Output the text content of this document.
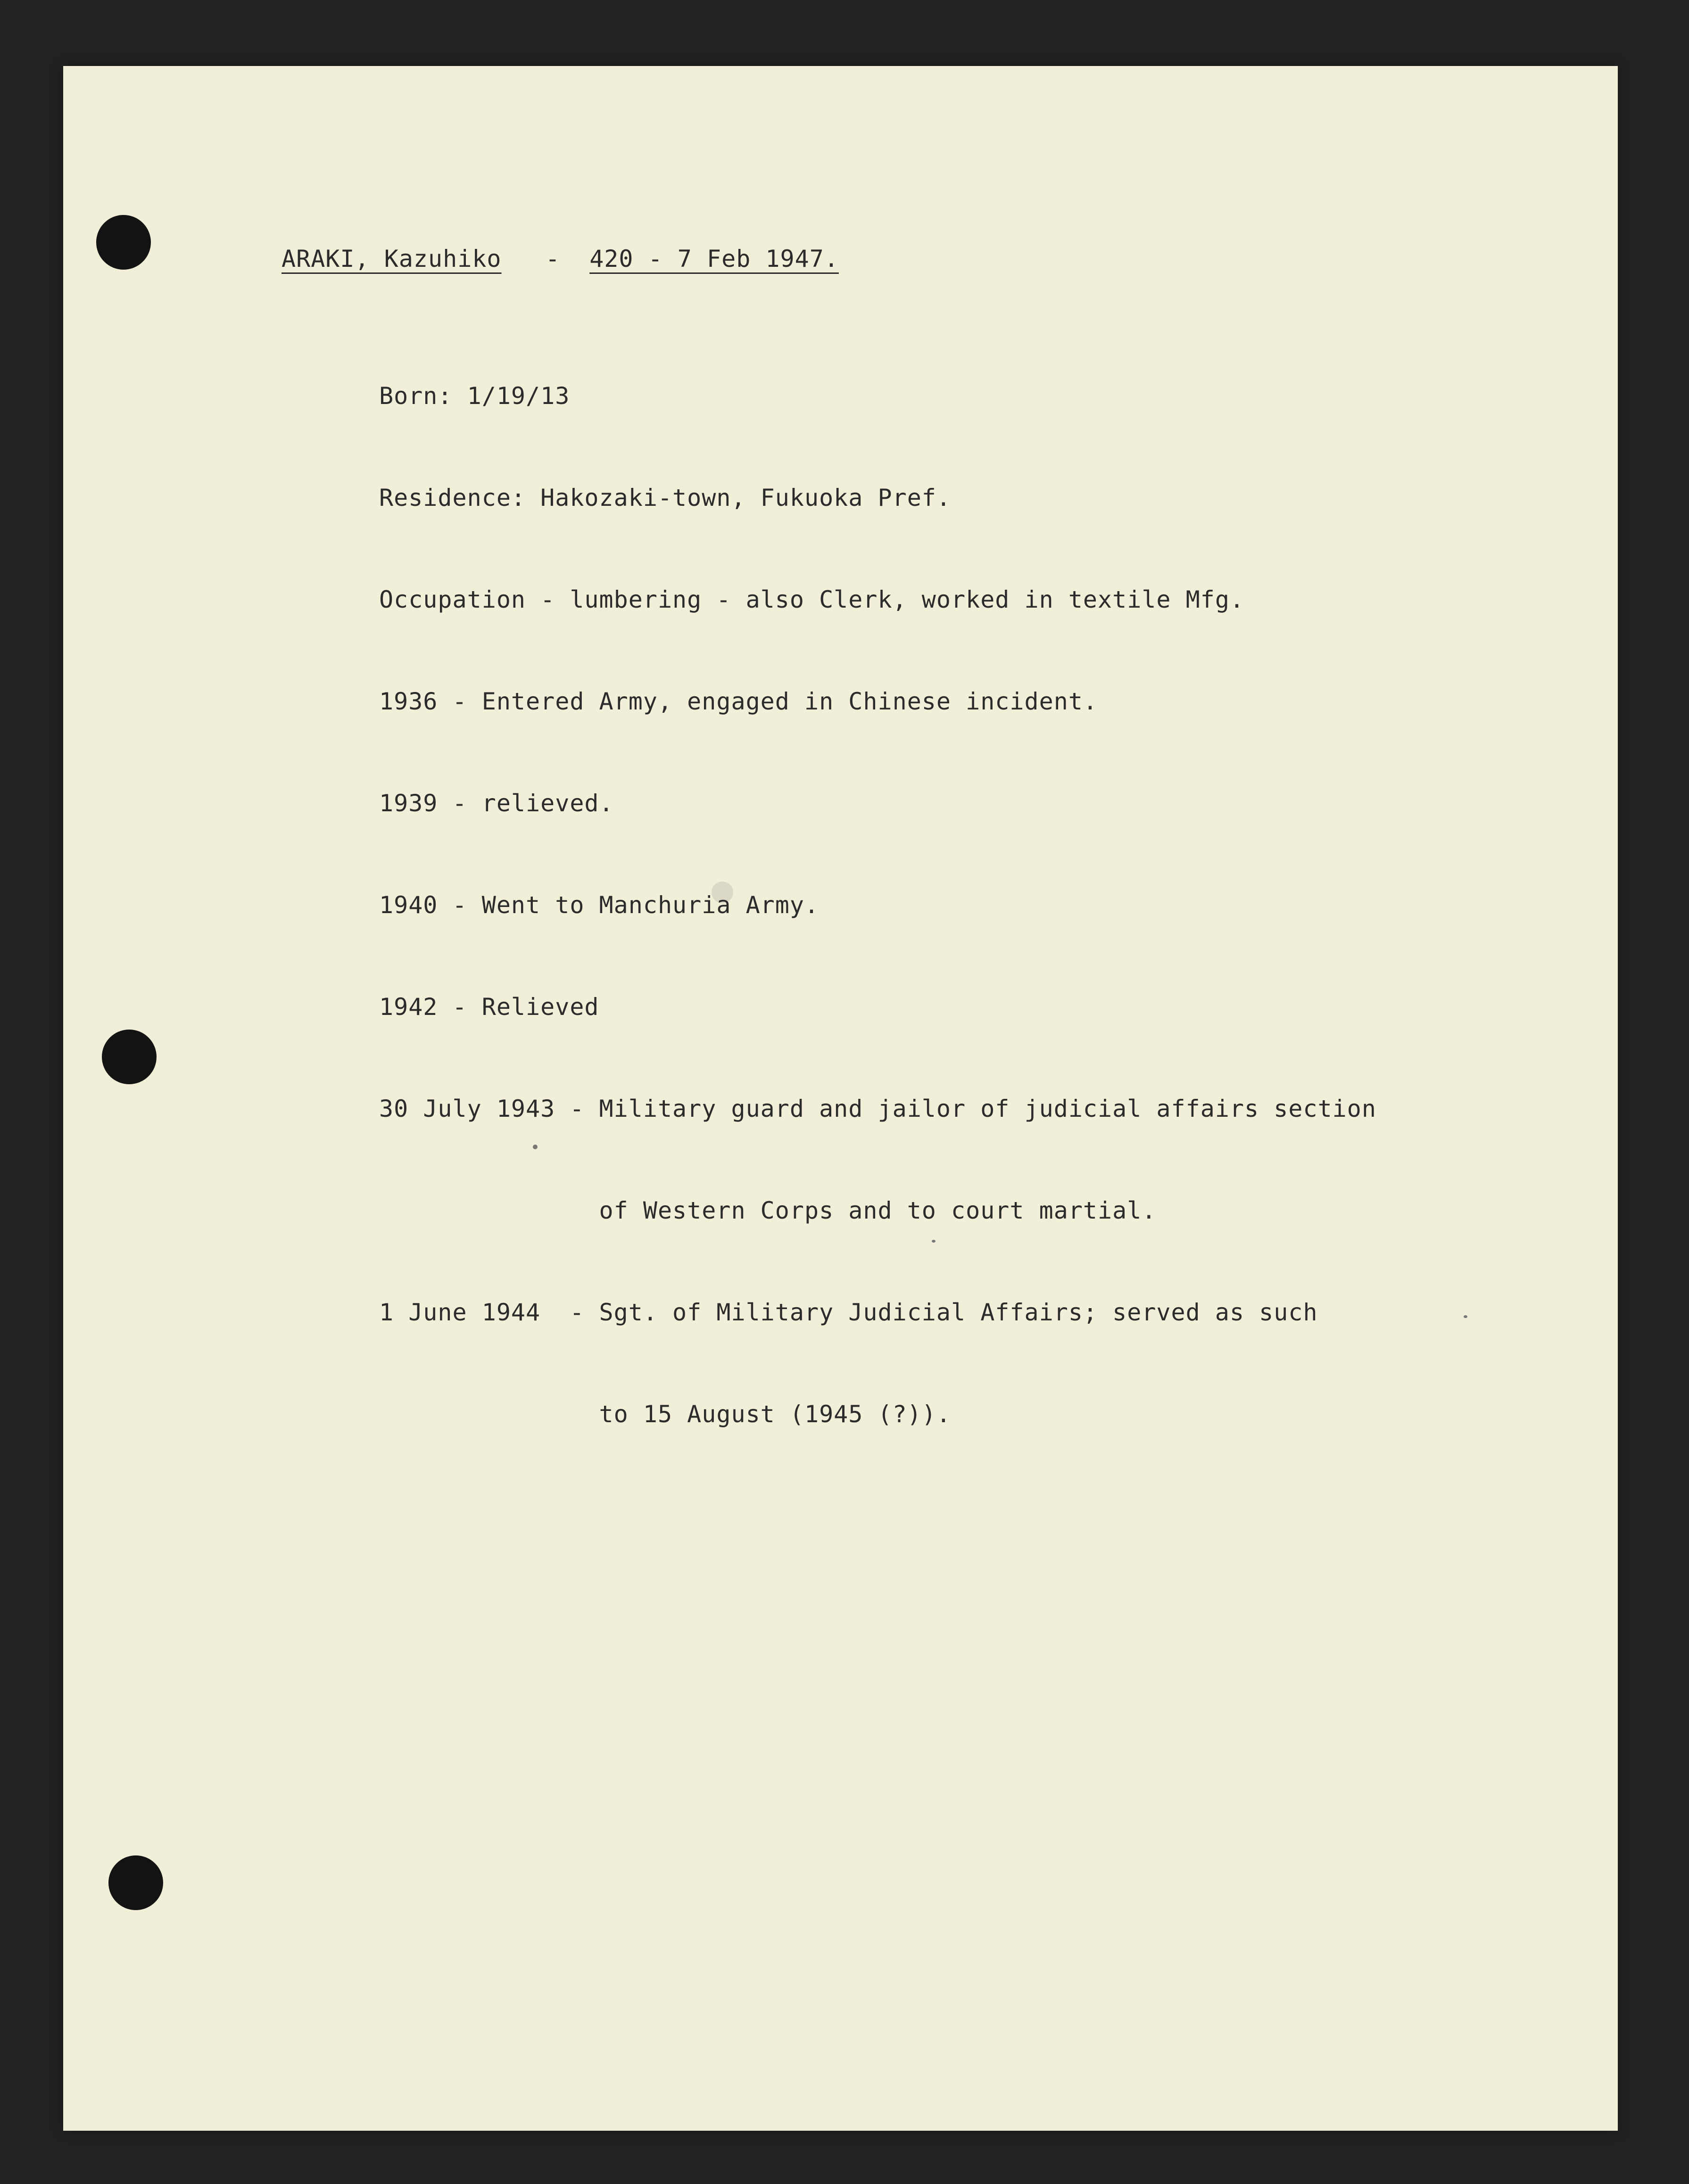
ARAKI, Kazuhiko - 420 - 7 Feb 1947.

Born: 1/19/13

Residence: Hakozaki-town, Fukuoka Pref.

Occupation - lumbering - also Clerk, worked in textile Mfg.

1936 - Entered Army, engaged in Chinese incident.

1939 - relieved.

1940 - Went to Manchuria Army.

1942 - Relieved

30 July 1943 - Military guard and jailor of judicial affairs section

of Western Corps and to court martial.

1 June 1944  - Sgt. of Military Judicial Affairs; served as such

to 15 August (1945 (?)).
